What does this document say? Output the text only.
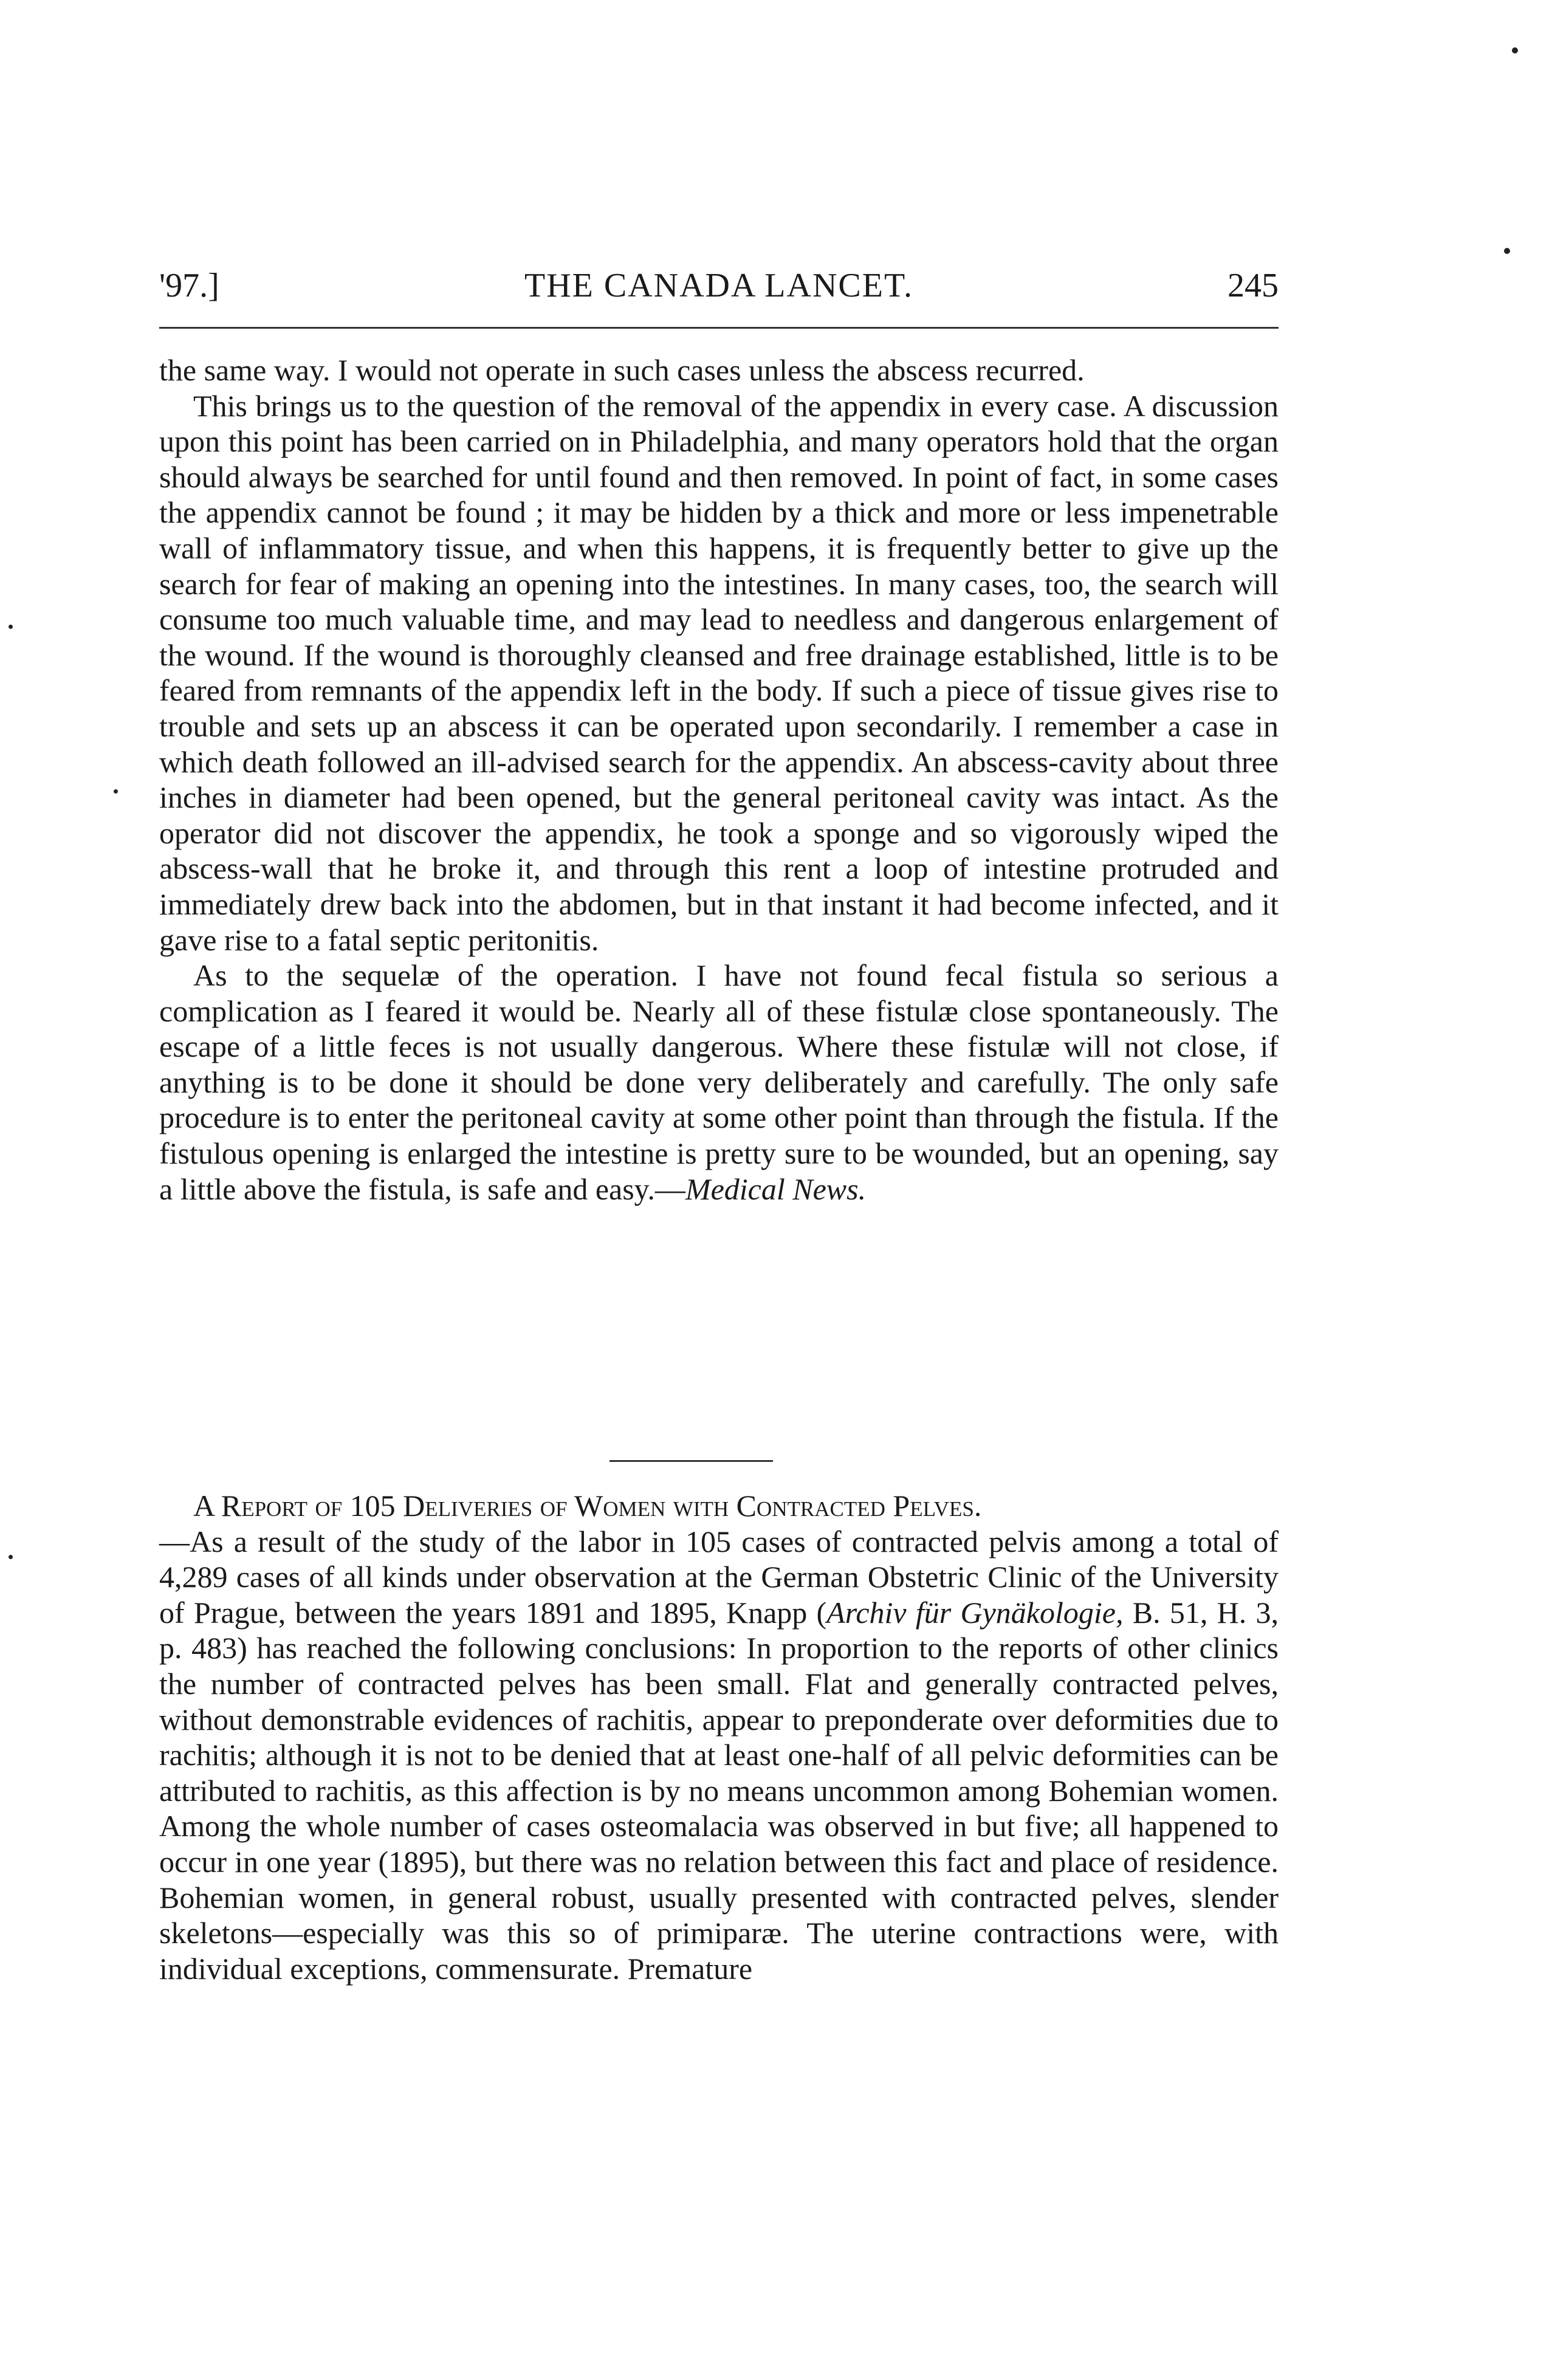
'97.]	THE CANADA LANCET.	245

the same way. I would not operate in such cases unless the abscess recurred.

This brings us to the question of the removal of the appendix in every case. A discussion upon this point has been carried on in Philadelphia, and many operators hold that the organ should always be searched for until found and then removed. In point of fact, in some cases the appendix cannot be found ; it may be hidden by a thick and more or less impenetrable wall of inflammatory tissue, and when this happens, it is frequently better to give up the search for fear of making an opening into the intestines. In many cases, too, the search will consume too much valuable time, and may lead to needless and dangerous enlargement of the wound. If the wound is thoroughly cleansed and free drainage established, little is to be feared from remnants of the appendix left in the body. If such a piece of tissue gives rise to trouble and sets up an abscess it can be operated upon secondarily. I remember a case in which death followed an ill-advised search for the appendix. An abscess-cavity about three inches in diameter had been opened, but the general peritoneal cavity was intact. As the operator did not discover the appendix, he took a sponge and so vigorously wiped the abscess-wall that he broke it, and through this rent a loop of intestine protruded and immediately drew back into the abdomen, but in that instant it had become infected, and it gave rise to a fatal septic peritonitis.

As to the sequelæ of the operation. I have not found fecal fistula so serious a complication as I feared it would be. Nearly all of these fistulæ close spontaneously. The escape of a little feces is not usually dangerous. Where these fistulæ will not close, if anything is to be done it should be done very deliberately and carefully. The only safe procedure is to enter the peritoneal cavity at some other point than through the fistula. If the fistulous opening is enlarged the intestine is pretty sure to be wounded, but an opening, say a little above the fistula, is safe and easy.—Medical News.

A Report of 105 Deliveries of Women with Contracted Pelves.
—As a result of the study of the labor in 105 cases of contracted pelvis among a total of 4,289 cases of all kinds under observation at the German Obstetric Clinic of the University of Prague, between the years 1891 and 1895, Knapp (Archiv für Gynäkologie, B. 51, H. 3, p. 483) has reached the following conclusions: In proportion to the reports of other clinics the number of contracted pelves has been small. Flat and generally contracted pelves, without demonstrable evidences of rachitis, appear to preponderate over deformities due to rachitis; although it is not to be denied that at least one-half of all pelvic deformities can be attributed to rachitis, as this affection is by no means uncommon among Bohemian women. Among the whole number of cases osteomalacia was observed in but five; all happened to occur in one year (1895), but there was no relation between this fact and place of residence. Bohemian women, in general robust, usually presented with contracted pelves, slender skeletons—especially was this so of primiparæ. The uterine contractions were, with individual exceptions, commensurate. Premature
